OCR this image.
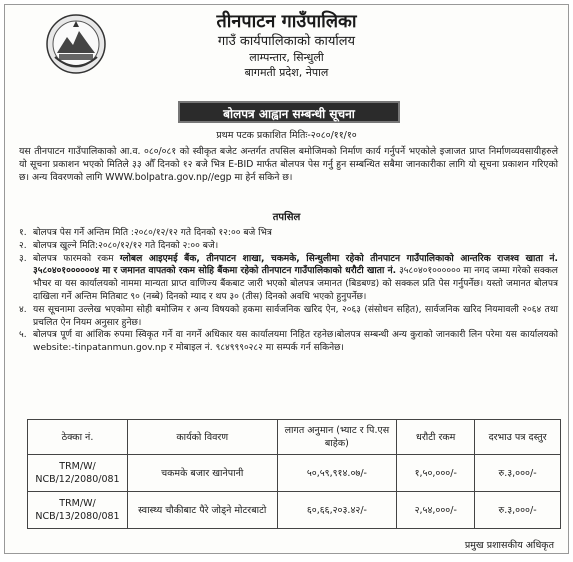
तीनपाटन गाउँपालिका
गाउँ कार्यपालिकाको कार्यालय
लाम्पन्तार, सिन्धुली
बागमती प्रदेश, नेपाल
बोलपत्र आह्वान सम्बन्धी सूचना
प्रथम पटक प्रकाशित मितिः-२०८०/११/१०
यस तीनपाटन गाउँपालिकाको आ.व. ०८०/०८१ को स्वीकृत बजेट अन्तर्गत तपसिल बमोजिमको निर्माण कार्य गर्नुपर्ने भएकोले इजाजत प्राप्त निर्माणव्यवसायीहरुले यो सूचना प्रकाशन भएको मितिले ३३ औँ दिनको १२ बजे भित्र E-BID मार्फत बोलपत्र पेस गर्नु हुन सम्बन्धित सबैमा जानकारीका लागि यो सूचना प्रकाशन गरिएको छ। अन्य विवरणको लागि WWW.bolpatra.gov.np//egp मा हेर्न सकिने छ।
तपसिल
१. बोलपत्र पेस गर्ने अन्तिम मिति :२०८०/१२/१२ गते दिनको १२:०० बजे भित्र
२. बोलपत्र खुल्ने मिति:२०८०/१२/१२ गते दिनको २:०० बजे।
३. बोलपत्र फारमको रकम ग्लोबल आइएमई बैंक, तीनपाटन शाखा, चकमके, सिन्धुलीमा रहेको तीनपाटन गाउँपालिकाको आन्तरिक राजश्व खाता नं. ३५८०४०१००००००४ मा र जमानत वापतको रकम सोहि बैंकमा रहेको तीनपाटन गाउँपालिकाको धरौटी खाता नं. ३५८०४०१०००००० मा नगद जम्मा गरेको सक्कल भौचर वा यस कार्यालयको नाममा मान्यता प्राप्त वाणिज्य बैंकबाट जारी भएको बोलपत्र जमानत (बिडबण्ड) को सक्कल प्रति पेस गर्नुपर्नेछ। यस्तो जमानत बोलपत्र दाखिला गर्ने अन्तिम मितिबाट ९० (नब्बे) दिनको म्याद र थप ३० (तीस) दिनको अवधि भएको हुनुपर्नेछ।
४. यस सूचनामा उल्लेख भएकोमा सोही बमोजिम र अन्य विषयको हकमा सार्वजनिक खरिद ऐन, २०६३ (संसोधन सहित), सार्वजनिक खरिद नियमावली २०६४ तथा प्रचलित ऐन नियम अनुसार हुनेछ।
५. बोलपत्र पूर्ण वा आंशिक रुपमा स्विकृत गर्ने वा नगर्ने अधिकार यस कार्यालयमा निहित रहनेछ।बोलपत्र सम्बन्धी अन्य कुराको जानकारी लिन परेमा यस कार्यालयको website:-tinpatanmun.gov.np र मोबाइल नं. ९८४९९९०२८२ मा सम्पर्क गर्न सकिनेछ।
ठेक्का नं.	कार्यको विवरण	लागत अनुमान (भ्याट र पि.एस बाहेक)	धरौटी रकम	दरभाउ पत्र दस्तुर
TRM/W/ NCB/12/2080/081	चकमके बजार खानेपानी	५०,५९,९१४.०७/-	१,५०,०००/-	रु.३,०००/-
TRM/W/ NCB/13/2080/081	स्वास्थ्य चौकीबाट पैरे जोड्ने मोटरबाटो	६०,६६,२०३.४२/-	२,५४,०००/-	रु.३,०००/-
प्रमुख प्रशासकीय अधिकृत
